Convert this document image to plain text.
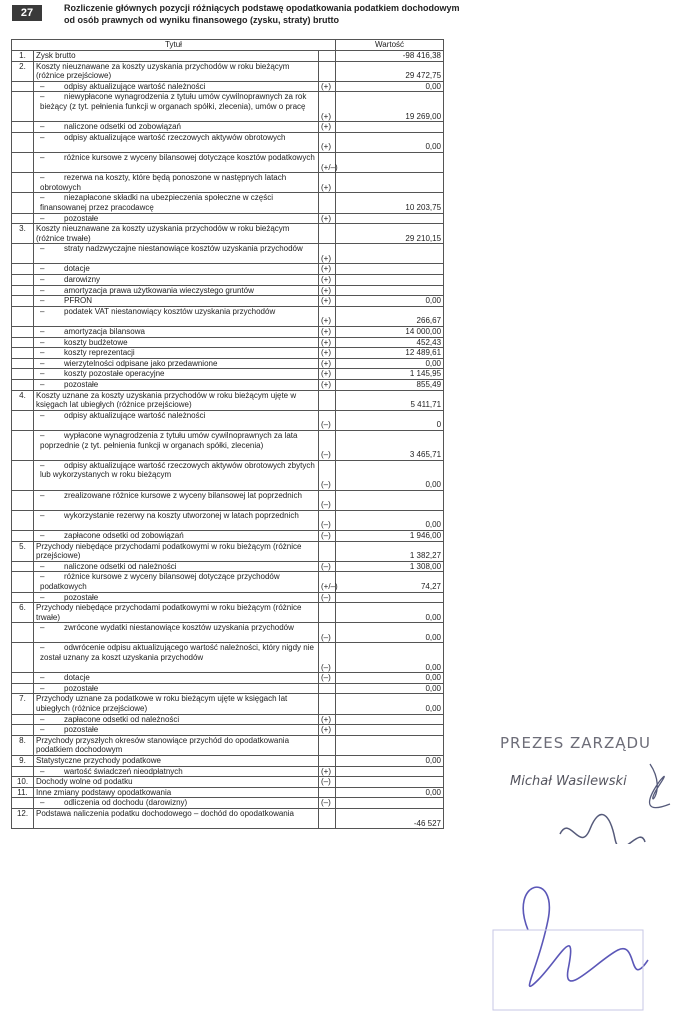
27	Rozliczenie głównych pozycji różniących podstawę opodatkowania podatkiem dochodowym od osób prawnych od wyniku finansowego (zysku, straty) brutto
Tytuł			Wartość
1.	Zysk brutto		-98 416,38
2.	Koszty nieuznawane za koszty uzyskania przychodów w roku bieżącym (różnice przejściowe)		29 472,75
	– odpisy aktualizujące wartość należności	(+)	0,00
	– niewypłacone wynagrodzenia z tytułu umów cywilnoprawnych za rok bieżący (z tyt. pełnienia funkcji w organach spółki, zlecenia), umów o pracę	(+)	19 269,00
	– naliczone odsetki od zobowiązań	(+)	
	– odpisy aktualizujące wartość rzeczowych aktywów obrotowych	(+)	0,00
	– różnice kursowe z wyceny bilansowej dotyczące kosztów podatkowych	(+/–)	
	– rezerwa na koszty, które będą ponoszone w następnych latach obrotowych	(+)	
	– niezapłacone składki na ubezpieczenia społeczne w części finansowanej przez pracodawcę		10 203,75
	– pozostałe	(+)	
3.	Koszty nieuznawane za koszty uzyskania przychodów w roku bieżącym (różnice trwałe)		29 210,15
	– straty nadzwyczajne niestanowiące kosztów uzyskania przychodów	(+)	
	– dotacje	(+)	
	– darowizny	(+)	
	– amortyzacja prawa użytkowania wieczystego gruntów	(+)	
	– PFRON	(+)	0,00
	– podatek VAT niestanowiący kosztów uzyskania przychodów	(+)	266,67
	– amortyzacja bilansowa	(+)	14 000,00
	– koszty budżetowe	(+)	452,43
	– koszty reprezentacji	(+)	12 489,61
	– wierzytelności odpisane jako przedawnione	(+)	0,00
	– koszty pozostałe operacyjne	(+)	1 145,95
	– pozostałe	(+)	855,49
4.	Koszty uznane za koszty uzyskania przychodów w roku bieżącym ujęte w księgach lat ubiegłych (różnice przejściowe)		5 411,71
	– odpisy aktualizujące wartość należności	(–)	0
	– wypłacone wynagrodzenia z tytułu umów cywilnoprawnych za lata poprzednie (z tyt. pełnienia funkcji w organach spółki, zlecenia)	(–)	3 465,71
	– odpisy aktualizujące wartość rzeczowych aktywów obrotowych zbytych lub wykorzystanych w roku bieżącym	(–)	0,00
	– zrealizowane różnice kursowe z wyceny bilansowej lat poprzednich	(–)	
	– wykorzystanie rezerwy na koszty utworzonej w latach poprzednich	(–)	0,00
	– zapłacone odsetki od zobowiązań	(–)	1 946,00
5.	Przychody niebędące przychodami podatkowymi w roku bieżącym (różnice przejściowe)		1 382,27
	– naliczone odsetki od należności	(–)	1 308,00
	– różnice kursowe z wyceny bilansowej dotyczące przychodów podatkowych	(+/–)	74,27
	– pozostałe	(–)	
6.	Przychody niebędące przychodami podatkowymi w roku bieżącym (różnice trwałe)		0,00
	– zwrócone wydatki niestanowiące kosztów uzyskania przychodów	(–)	0,00
	– odwrócenie odpisu aktualizującego wartość należności, który nigdy nie został uznany za koszt uzyskania przychodów	(–)	0,00
	– dotacje	(–)	0,00
	– pozostałe		0,00
7.	Przychody uznane za podatkowe w roku bieżącym ujęte w księgach lat ubiegłych (różnice przejściowe)		0,00
	– zapłacone odsetki od należności	(+)	
	– pozostałe	(+)	
8.	Przychody przyszłych okresów stanowiące przychód do opodatkowania podatkiem dochodowym		
9.	Statystyczne przychody podatkowe		0,00
	– wartość świadczeń nieodpłatnych	(+)	
10.	Dochody wolne od podatku	(–)	
11.	Inne zmiany podstawy opodatkowania		0,00
	– odliczenia od dochodu (darowizny)	(–)	
12.	Podstawa naliczenia podatku dochodowego – dochód do opodatkowania		-46 527
PREZES ZARZĄDU
Michał Wasilewski
